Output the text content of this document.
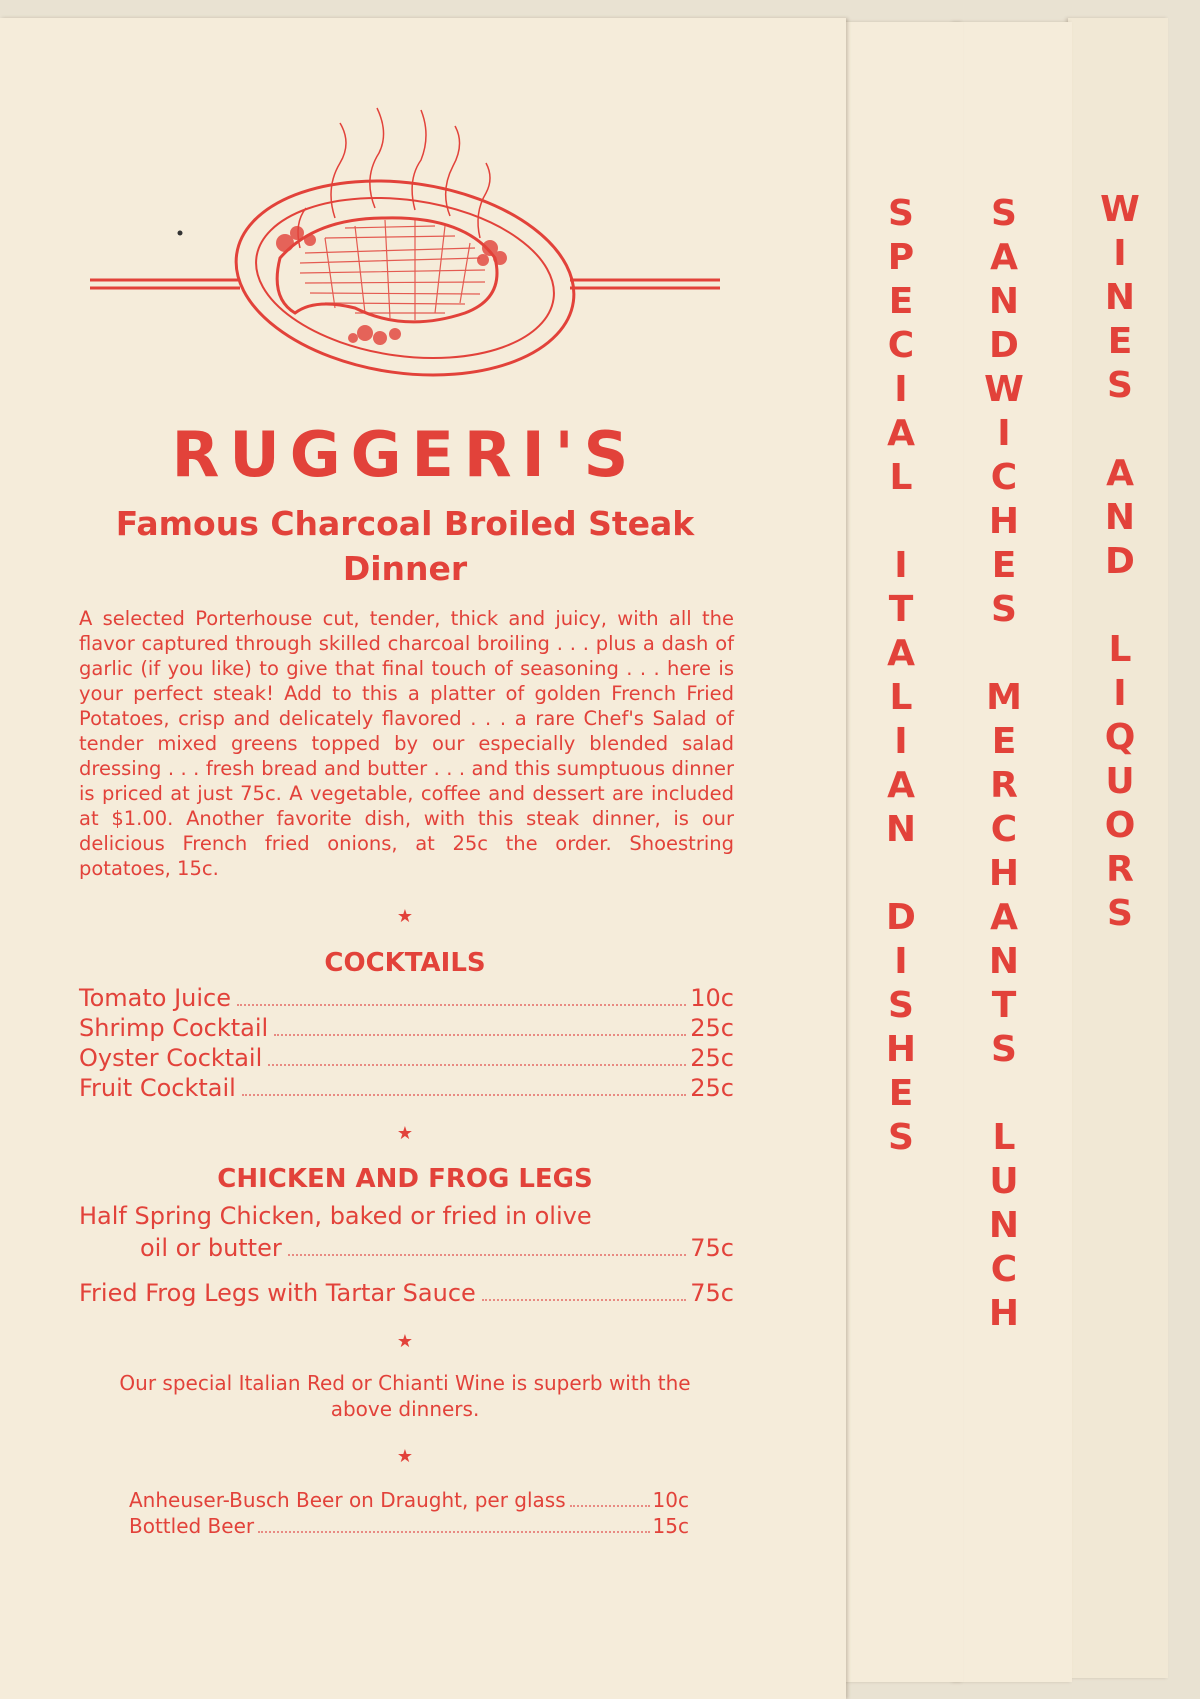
W
I
N
E
S

A
N
D

L
I
Q
U
O
R
S
S
A
N
D
W
I
C
H
E
S

M
E
R
C
H
A
N
T
S

L
U
N
C
H
S
P
E
C
I
A
L

I
T
A
L
I
A
N

D
I
S
H
E
S
RUGGERI'S
Famous Charcoal Broiled Steak Dinner

A selected Porterhouse cut, tender, thick and juicy, with all the flavor captured through skilled charcoal broiling . . . plus a dash of garlic (if you like) to give that final touch of seasoning . . . here is your perfect steak! Add to this a platter of golden French Fried Potatoes, crisp and delicately flavored . . . a rare Chef's Salad of tender mixed greens topped by our especially blended salad dressing . . . fresh bread and butter . . . and this sumptuous dinner is priced at just 75c. A vegetable, coffee and dessert are included at $1.00. Another favorite dish, with this steak dinner, is our delicious French fried onions, at 25c the order. Shoestring potatoes, 15c.

★
COCKTAILS
Tomato Juice	10c
Shrimp Cocktail	25c
Oyster Cocktail	25c
Fruit Cocktail	25c
★
CHICKEN AND FROG LEGS
Half Spring Chicken, baked or fried in olive
oil or butter	75c
Fried Frog Legs with Tartar Sauce	75c
★

Our special Italian Red or Chianti Wine is superb with the above dinners.

★
Anheuser-Busch Beer on Draught, per glass	10c
Bottled Beer	15c
